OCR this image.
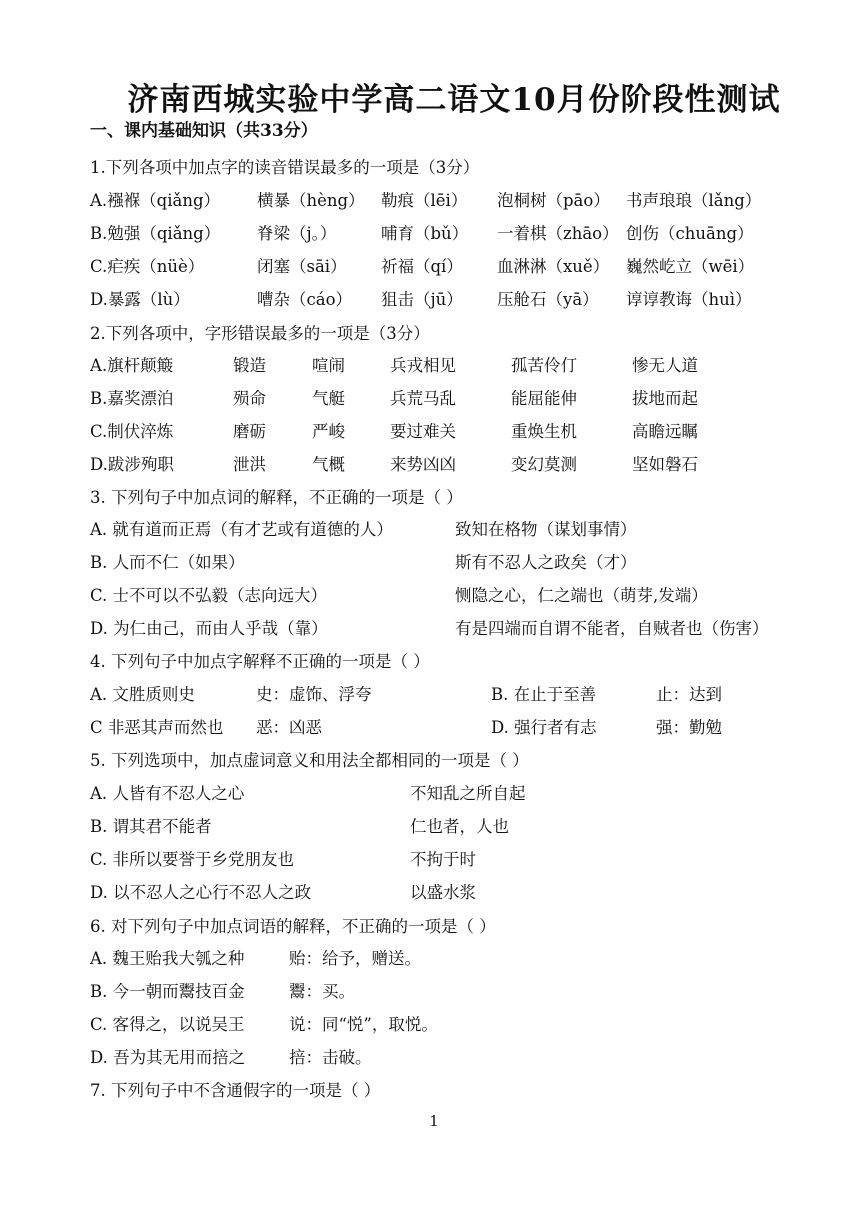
济南西城实验中学高二语文10月份阶段性测试
一、课内基础知识（共33分）
1.下列各项中加点字的读音错误最多的一项是（3分）
A.襁褓（qiǎng） 横暴（hèng） 勒痕（lēi） 泡桐树（pāo） 书声琅琅（lǎng）
B.勉强（qiǎng） 脊梁（j。）	哺育（bǔ） 一着棋（zhāo） 创伤（chuāng）
C.疟疾（nüè）	闭塞（sāi） 祈福（qí） 血淋淋（xuě） 巍然屹立（wēi）
D.暴露（lù）	嘈杂（cáo） 狙击（jū） 压舱石（yā） 谆谆教诲（huì）
2.下列各项中，字形错误最多的一项是（3分）
A.旗杆颠簸	锻造	喧闹	兵戎相见	孤苦伶仃	惨无人道
B.嘉奖漂泊	殒命	气艇	兵荒马乱	能屈能伸	拔地而起
C.制伏淬炼	磨砺	严峻	要过难关	重焕生机	高瞻远瞩
D.跋涉殉职	泄洪	气概	来势凶凶	变幻莫测	坚如磐石
3. 下列句子中加点词的解释，不正确的一项是（ ）
A. 就有道而正焉（有才艺或有道德的人）	致知在格物（谋划事情）
B. 人而不仁（如果）	斯有不忍人之政矣（才）
C. 士不可以不弘毅（志向远大）	恻隐之心，仁之端也（萌芽,发端）
D. 为仁由己，而由人乎哉（靠）	有是四端而自谓不能者，自贼者也（伤害）
4. 下列句子中加点字解释不正确的一项是（ ）
A. 文胜质则史	史：虚饰、浮夸	B. 在止于至善	止：达到
C 非恶其声而然也 恶：凶恶	D. 强行者有志	强：勤勉
5. 下列选项中，加点虚词意义和用法全都相同的一项是（ ）
A. 人皆有不忍人之心	不知乱之所自起
B. 谓其君不能者	仁也者，人也
C. 非所以要誉于乡党朋友也	不拘于时
D. 以不忍人之心行不忍人之政	以盛水浆
6. 对下列句子中加点词语的解释，不正确的一项是（ ）
A. 魏王贻我大瓠之种	贻：给予，赠送。
B. 今一朝而鬻技百金	鬻：买。
C. 客得之，以说吴王	说：同“悦”，取悦。
D. 吾为其无用而掊之	掊：击破。
7. 下列句子中不含通假字的一项是（ ）
1
